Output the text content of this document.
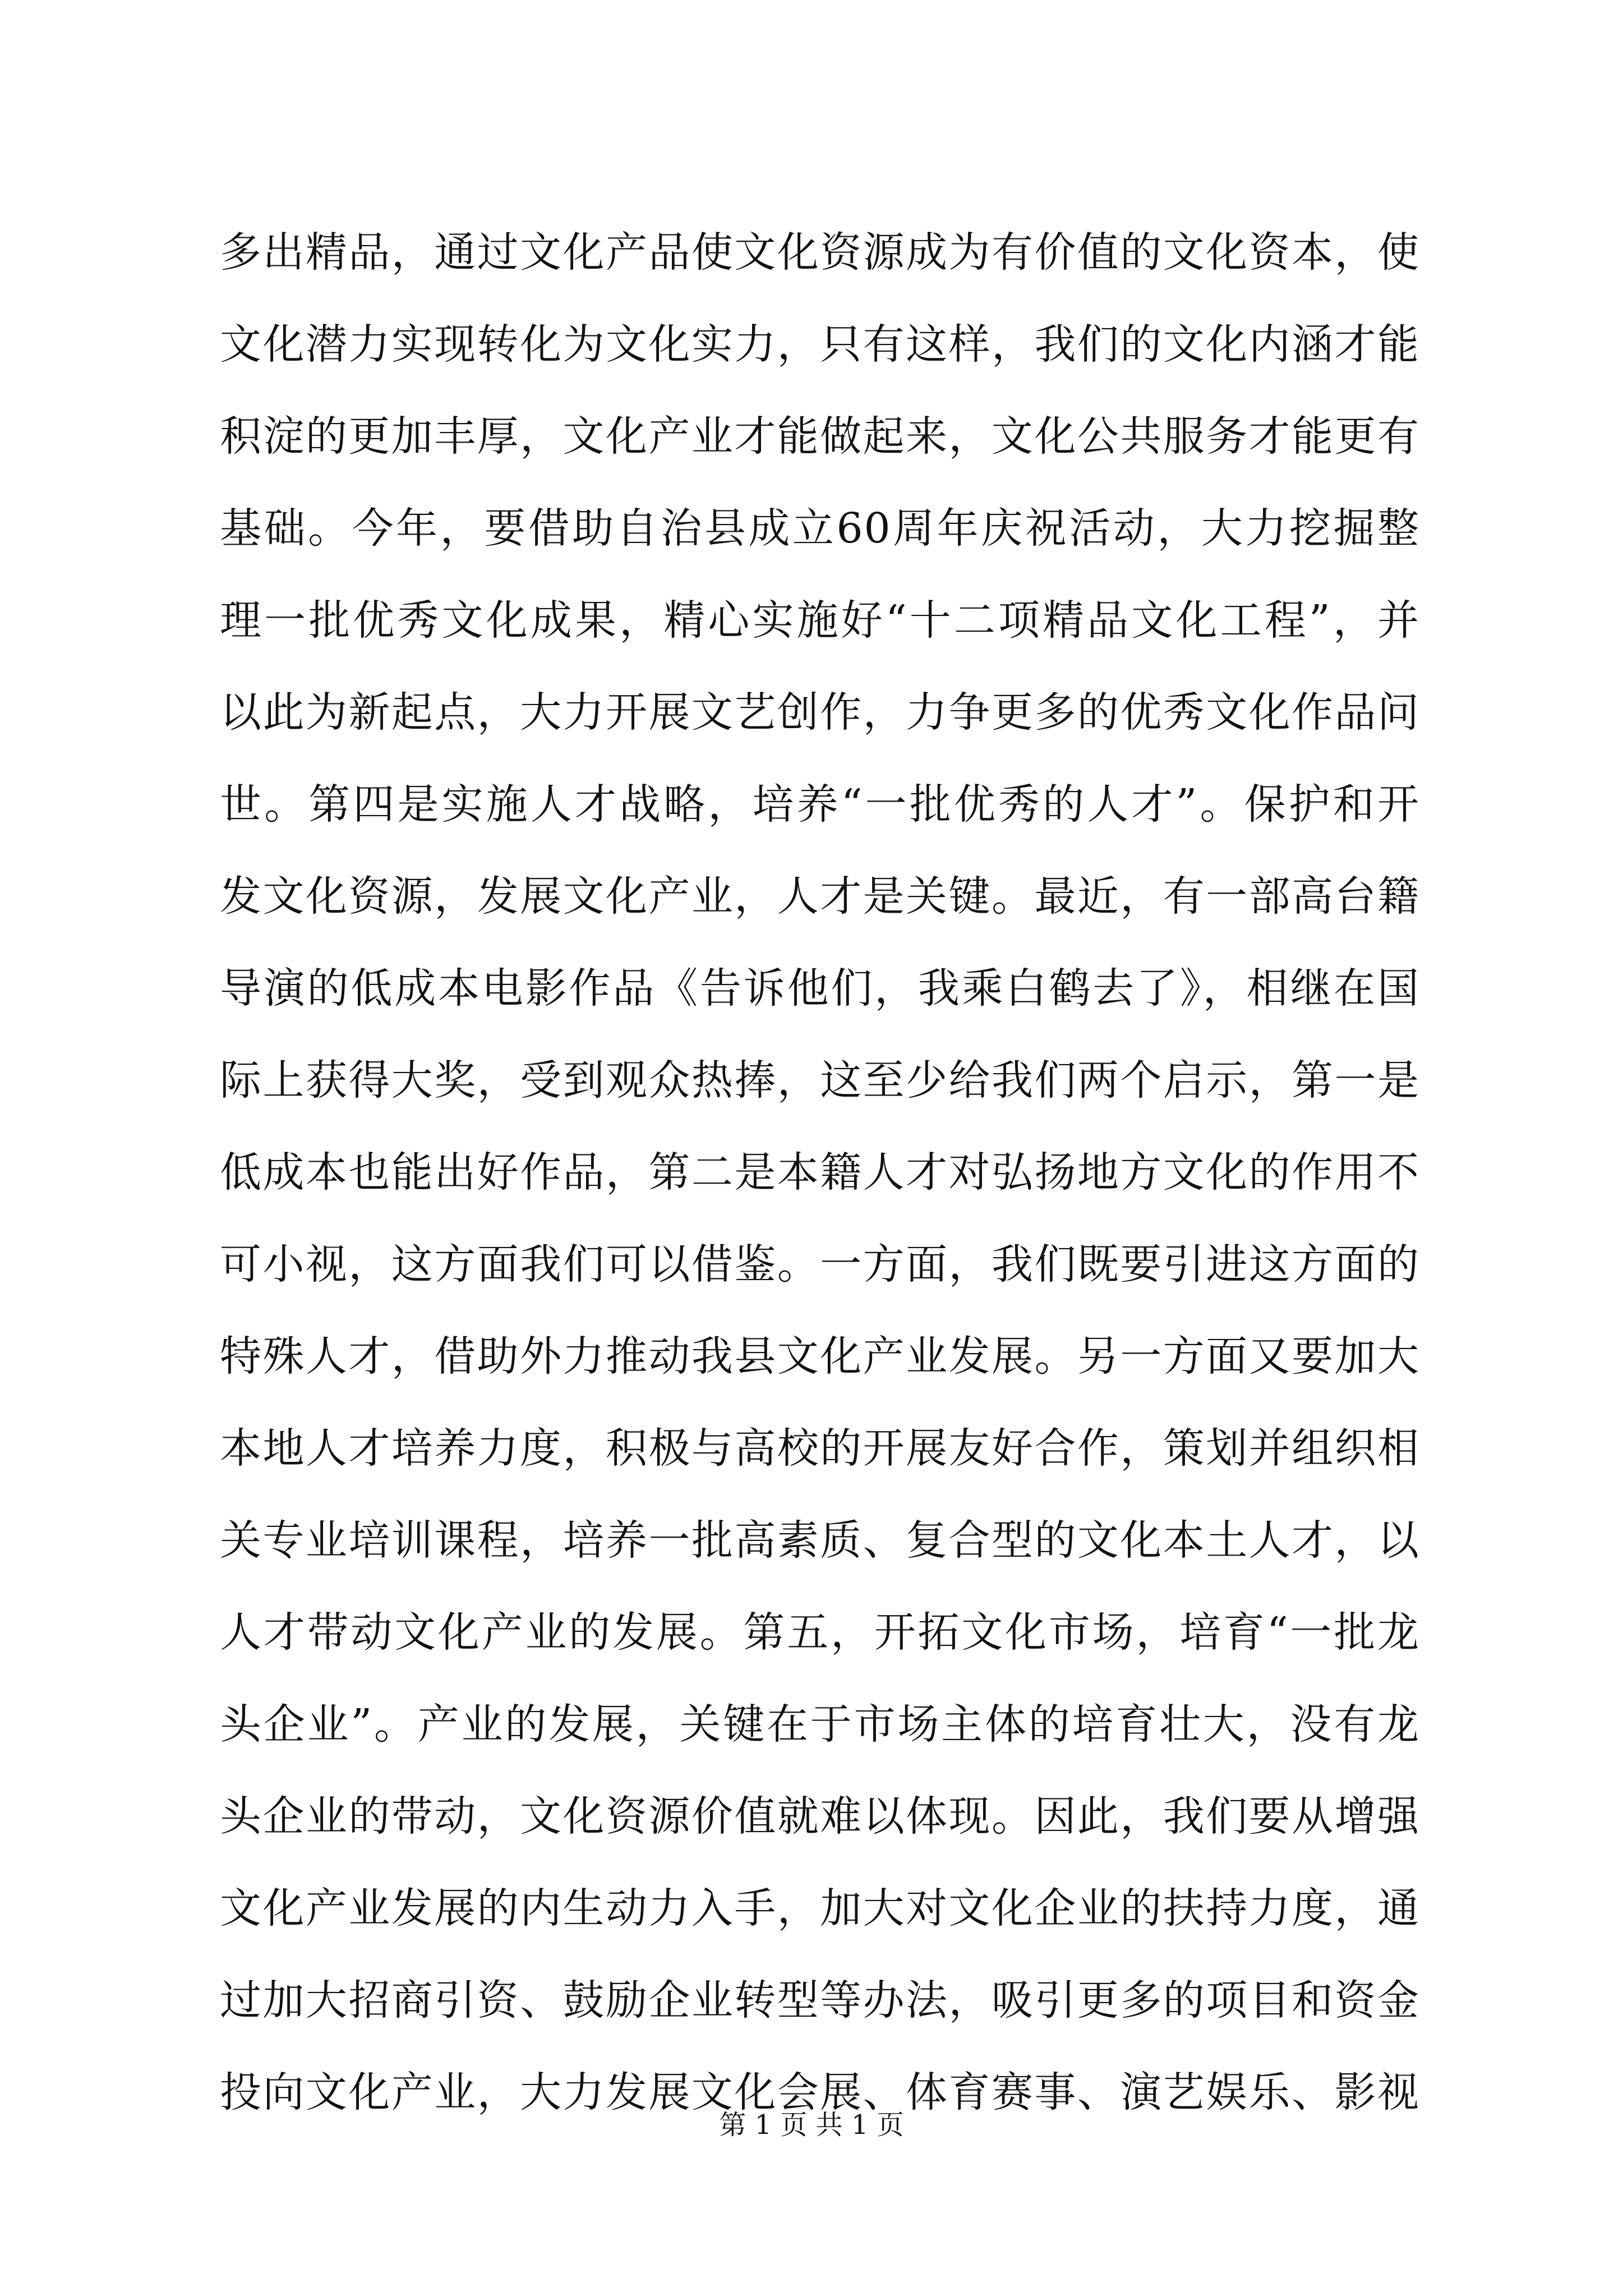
多出精品，通过文化产品使文化资源成为有价值的文化资本，使
文化潜力实现转化为文化实力，只有这样，我们的文化内涵才能
积淀的更加丰厚，文化产业才能做起来，文化公共服务才能更有
基础。今年，要借助自治县成立60周年庆祝活动，大力挖掘整
理一批优秀文化成果，精心实施好“十二项精品文化工程”，并
以此为新起点，大力开展文艺创作，力争更多的优秀文化作品问
世。第四是实施人才战略，培养“一批优秀的人才”。保护和开
发文化资源，发展文化产业，人才是关键。最近，有一部高台籍
导演的低成本电影作品《告诉他们，我乘白鹤去了》，相继在国
际上获得大奖，受到观众热捧，这至少给我们两个启示，第一是
低成本也能出好作品，第二是本籍人才对弘扬地方文化的作用不
可小视，这方面我们可以借鉴。一方面，我们既要引进这方面的
特殊人才，借助外力推动我县文化产业发展。另一方面又要加大
本地人才培养力度，积极与高校的开展友好合作，策划并组织相
关专业培训课程，培养一批高素质、复合型的文化本土人才，以
人才带动文化产业的发展。第五，开拓文化市场，培育“一批龙
头企业”。产业的发展，关键在于市场主体的培育壮大，没有龙
头企业的带动，文化资源价值就难以体现。因此，我们要从增强
文化产业发展的内生动力入手，加大对文化企业的扶持力度，通
过加大招商引资、鼓励企业转型等办法，吸引更多的项目和资金
投向文化产业，大力发展文化会展、体育赛事、演艺娱乐、影视
第 1 页 共 1 页
